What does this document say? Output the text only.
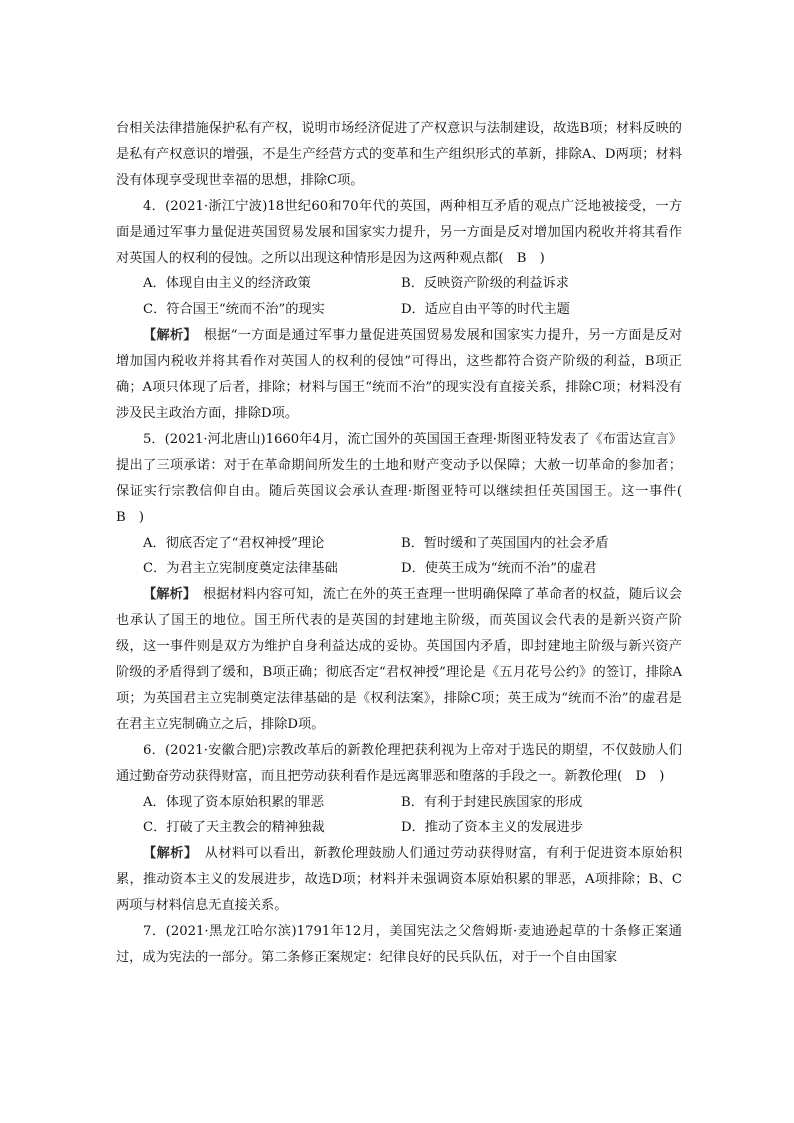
台相关法律措施保护私有产权，说明市场经济促进了产权意识与法制建设，故选B项；材料反映的是私有产权意识的增强，不是生产经营方式的变革和生产组织形式的革新，排除A、D两项；材料没有体现享受现世幸福的思想，排除C项。

4．(2021·浙江宁波)18世纪60和70年代的英国，两种相互矛盾的观点广泛地被接受，一方面是通过军事力量促进英国贸易发展和国家实力提升，另一方面是反对增加国内税收并将其看作对英国人的权利的侵蚀。之所以出现这种情形是因为这两种观点都(　B　)

A．体现自由主义的经济政策	B．反映资产阶级的利益诉求
C．符合国王“统而不治”的现实	D．适应自由平等的时代主题

【解析】　 根据“一方面是通过军事力量促进英国贸易发展和国家实力提升，另一方面是反对增加国内税收并将其看作对英国人的权利的侵蚀”可得出，这些都符合资产阶级的利益，B项正确；A项只体现了后者，排除；材料与国王“统而不治”的现实没有直接关系，排除C项；材料没有涉及民主政治方面，排除D项。

5．(2021·河北唐山)1660年4月，流亡国外的英国国王查理·斯图亚特发表了《布雷达宣言》提出了三项承诺：对于在革命期间所发生的土地和财产变动予以保障；大赦一切革命的参加者；保证实行宗教信仰自由。随后英国议会承认查理·斯图亚特可以继续担任英国国王。这一事件(　B　)

A．彻底否定了“君权神授”理论	B．暂时缓和了英国国内的社会矛盾
C．为君主立宪制度奠定法律基础	D．使英王成为“统而不治”的虚君

【解析】　 根据材料内容可知，流亡在外的英王查理一世明确保障了革命者的权益，随后议会也承认了国王的地位。国王所代表的是英国的封建地主阶级，而英国议会代表的是新兴资产阶级，这一事件则是双方为维护自身利益达成的妥协。英国国内矛盾，即封建地主阶级与新兴资产阶级的矛盾得到了缓和，B项正确；彻底否定“君权神授”理论是《五月花号公约》的签订，排除A项；为英国君主立宪制奠定法律基础的是《权利法案》，排除C项；英王成为“统而不治”的虚君是在君主立宪制确立之后，排除D项。

6．(2021·安徽合肥)宗教改革后的新教伦理把获利视为上帝对于选民的期望，不仅鼓励人们通过勤奋劳动获得财富，而且把劳动获利看作是远离罪恶和堕落的手段之一。新教伦理(　D　)

A．体现了资本原始积累的罪恶	B．有利于封建民族国家的形成
C．打破了天主教会的精神独裁	D．推动了资本主义的发展进步

【解析】　 从材料可以看出，新教伦理鼓励人们通过劳动获得财富，有利于促进资本原始积累，推动资本主义的发展进步，故选D项；材料并未强调资本原始积累的罪恶，A项排除；B、C两项与材料信息无直接关系。

7．(2021·黑龙江哈尔滨)1791年12月，美国宪法之父詹姆斯·麦迪逊起草的十条修正案通过，成为宪法的一部分。第二条修正案规定：纪律良好的民兵队伍，对于一个自由国家
